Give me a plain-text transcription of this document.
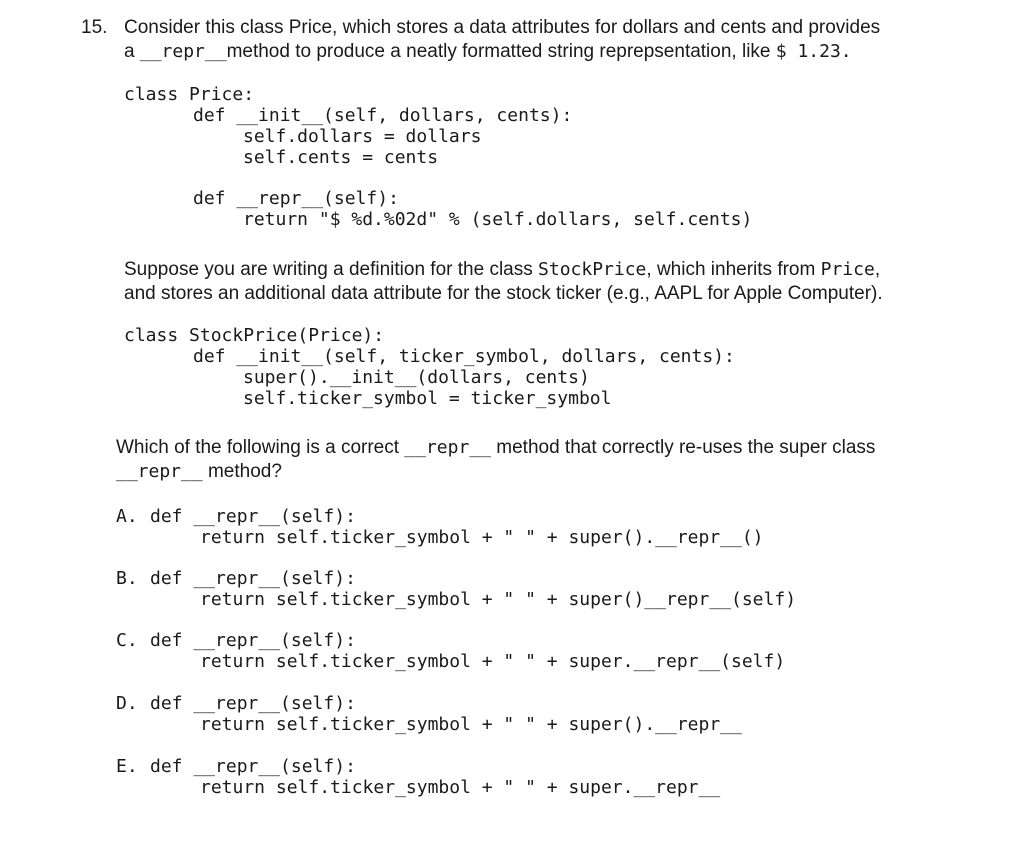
15. Consider this class Price, which stores a data attributes for dollars and cents and provides
a __repr__method to produce a neatly formatted string reprepsentation, like $ 1.23.
class Price:
def __init__(self, dollars, cents):
self.dollars = dollars
self.cents = cents
def __repr__(self):
return "$ %d.%02d" % (self.dollars, self.cents)
Suppose you are writing a definition for the class StockPrice, which inherits from Price,
and stores an additional data attribute for the stock ticker (e.g., AAPL for Apple Computer).
class StockPrice(Price):
def __init__(self, ticker_symbol, dollars, cents):
super().__init__(dollars, cents)
self.ticker_symbol = ticker_symbol
Which of the following is a correct __repr__ method that correctly re-uses the super class
__repr__ method?
A. def __repr__(self):
return self.ticker_symbol + " " + super().__repr__()
B. def __repr__(self):
return self.ticker_symbol + " " + super()__repr__(self)
C. def __repr__(self):
return self.ticker_symbol + " " + super.__repr__(self)
D. def __repr__(self):
return self.ticker_symbol + " " + super().__repr__
E. def __repr__(self):
return self.ticker_symbol + " " + super.__repr__
